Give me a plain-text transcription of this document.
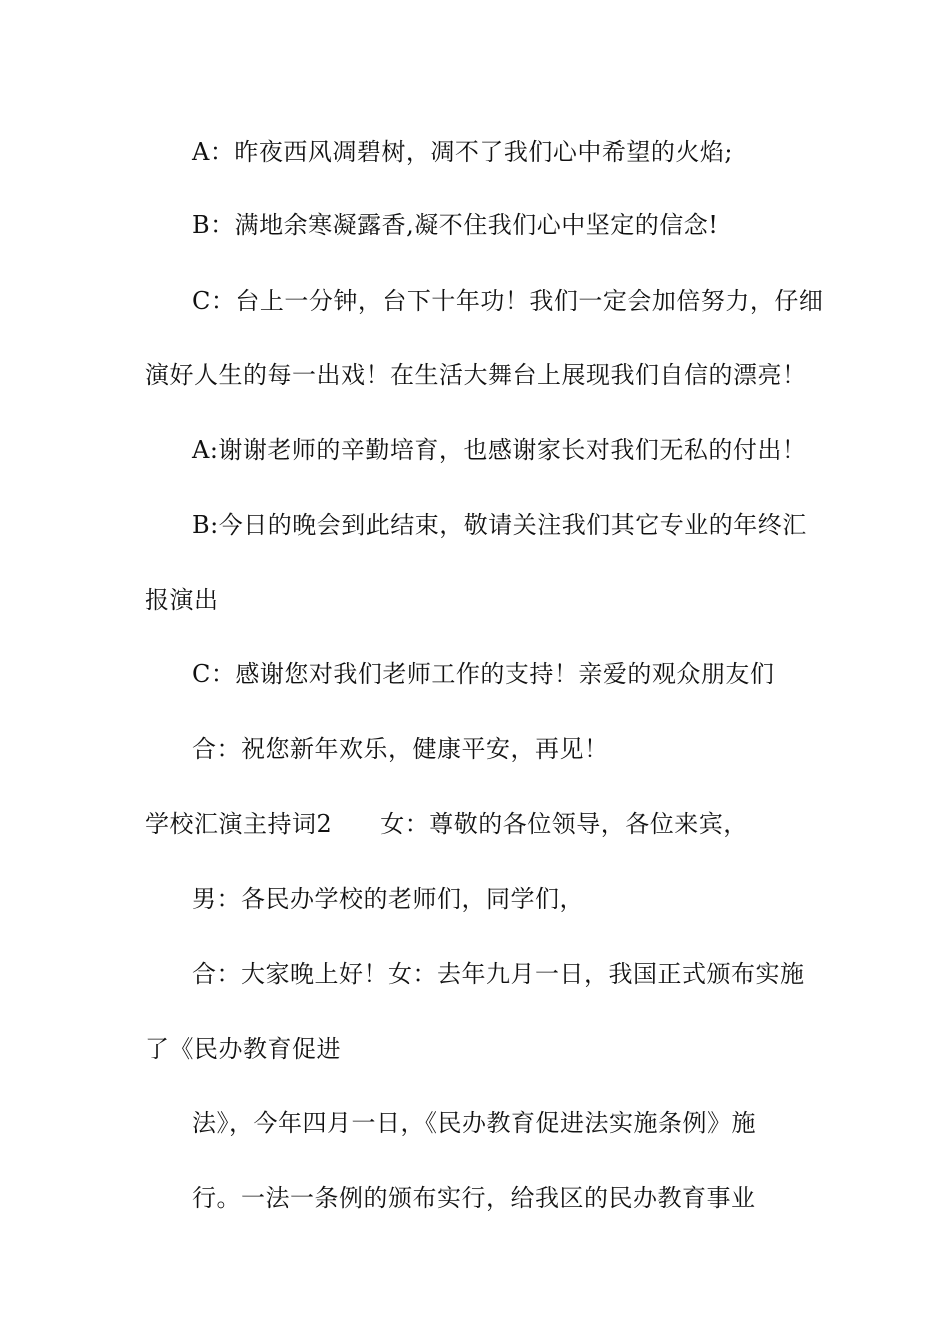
A：昨夜西风凋碧树，凋不了我们心中希望的火焰;
B：满地余寒凝露香,凝不住我们心中坚定的信念!
C：台上一分钟，台下十年功！我们一定会加倍努力，仔细
演好人生的每一出戏！在生活大舞台上展现我们自信的漂亮！
A:谢谢老师的辛勤培育，也感谢家长对我们无私的付出！
B:今日的晚会到此结束，敬请关注我们其它专业的年终汇
报演出
C：感谢您对我们老师工作的支持！亲爱的观众朋友们
合：祝您新年欢乐，健康平安，再见！
学校汇演主持词2 女：尊敬的各位领导，各位来宾，
男：各民办学校的老师们，同学们，
合：大家晚上好！女：去年九月一日，我国正式颁布实施
了《民办教育促进
法》，今年四月一日，《民办教育促进法实施条例》施
行。一法一条例的颁布实行，给我区的民办教育事业
